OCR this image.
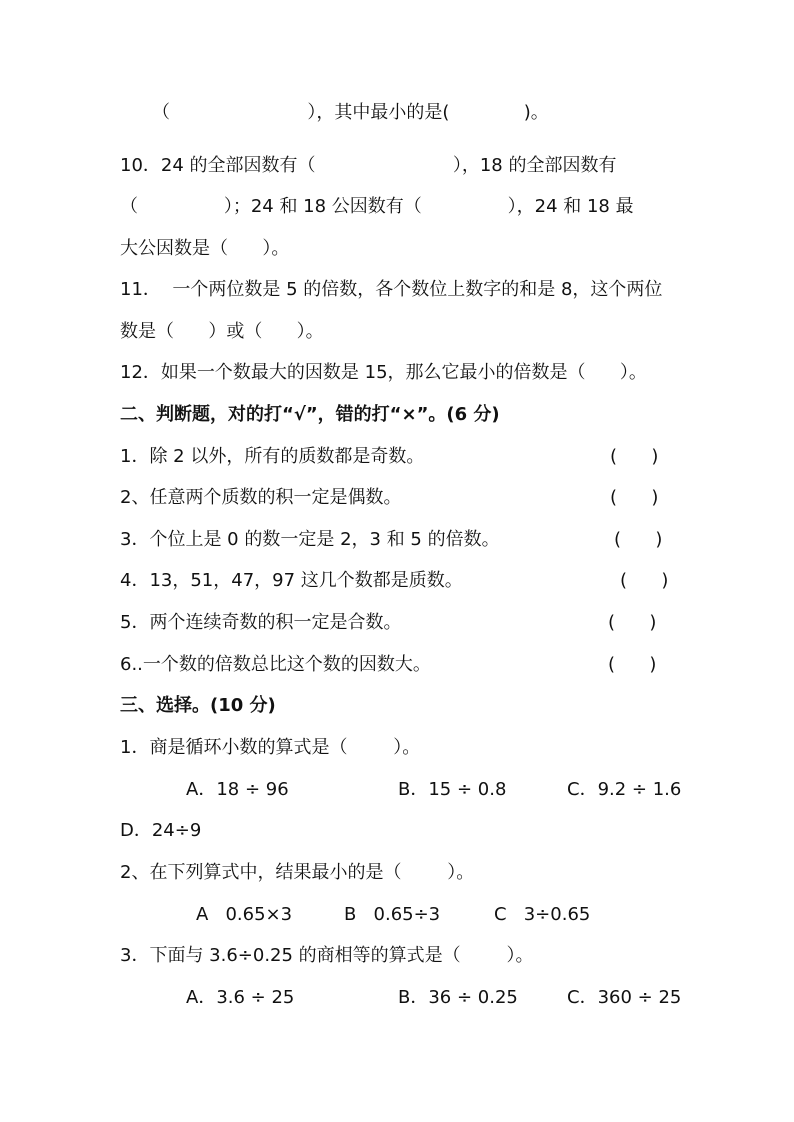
（                        ），其中最小的是(             )。
10．24 的全部因数有（                        ），18 的全部因数有
（               ）；24 和 18 公因数有（               ），24 和 18 最
大公因数是（      ）。
11．  一个两位数是 5 的倍数，各个数位上数字的和是 8，这个两位
数是（      ）或（      ）。
12．如果一个数最大的因数是 15，那么它最小的倍数是（      ）。
二、判断题，对的打“√”，错的打“×”。(6 分)
1．除 2 以外，所有的质数都是奇数。	(      )
2、任意两个质数的积一定是偶数。	(      )
3．个位上是 0 的数一定是 2，3 和 5 的倍数。	(      )
4．13，51，47，97 这几个数都是质数。	(      )
5．两个连续奇数的积一定是合数。	(      )
6..一个数的倍数总比这个数的因数大。	(      )
三、选择。(10 分)
1．商是循环小数的算式是（        ）。
A．18 ÷ 96	B．15 ÷ 0.8	C．9.2 ÷ 1.6
D．24÷9
2、在下列算式中，结果最小的是（        ）。
A   0.65×3	B   0.65÷3	C   3÷0.65
3．下面与 3.6÷0.25 的商相等的算式是（        ）。
A．3.6 ÷ 25	B．36 ÷ 0.25	C．360 ÷ 25
